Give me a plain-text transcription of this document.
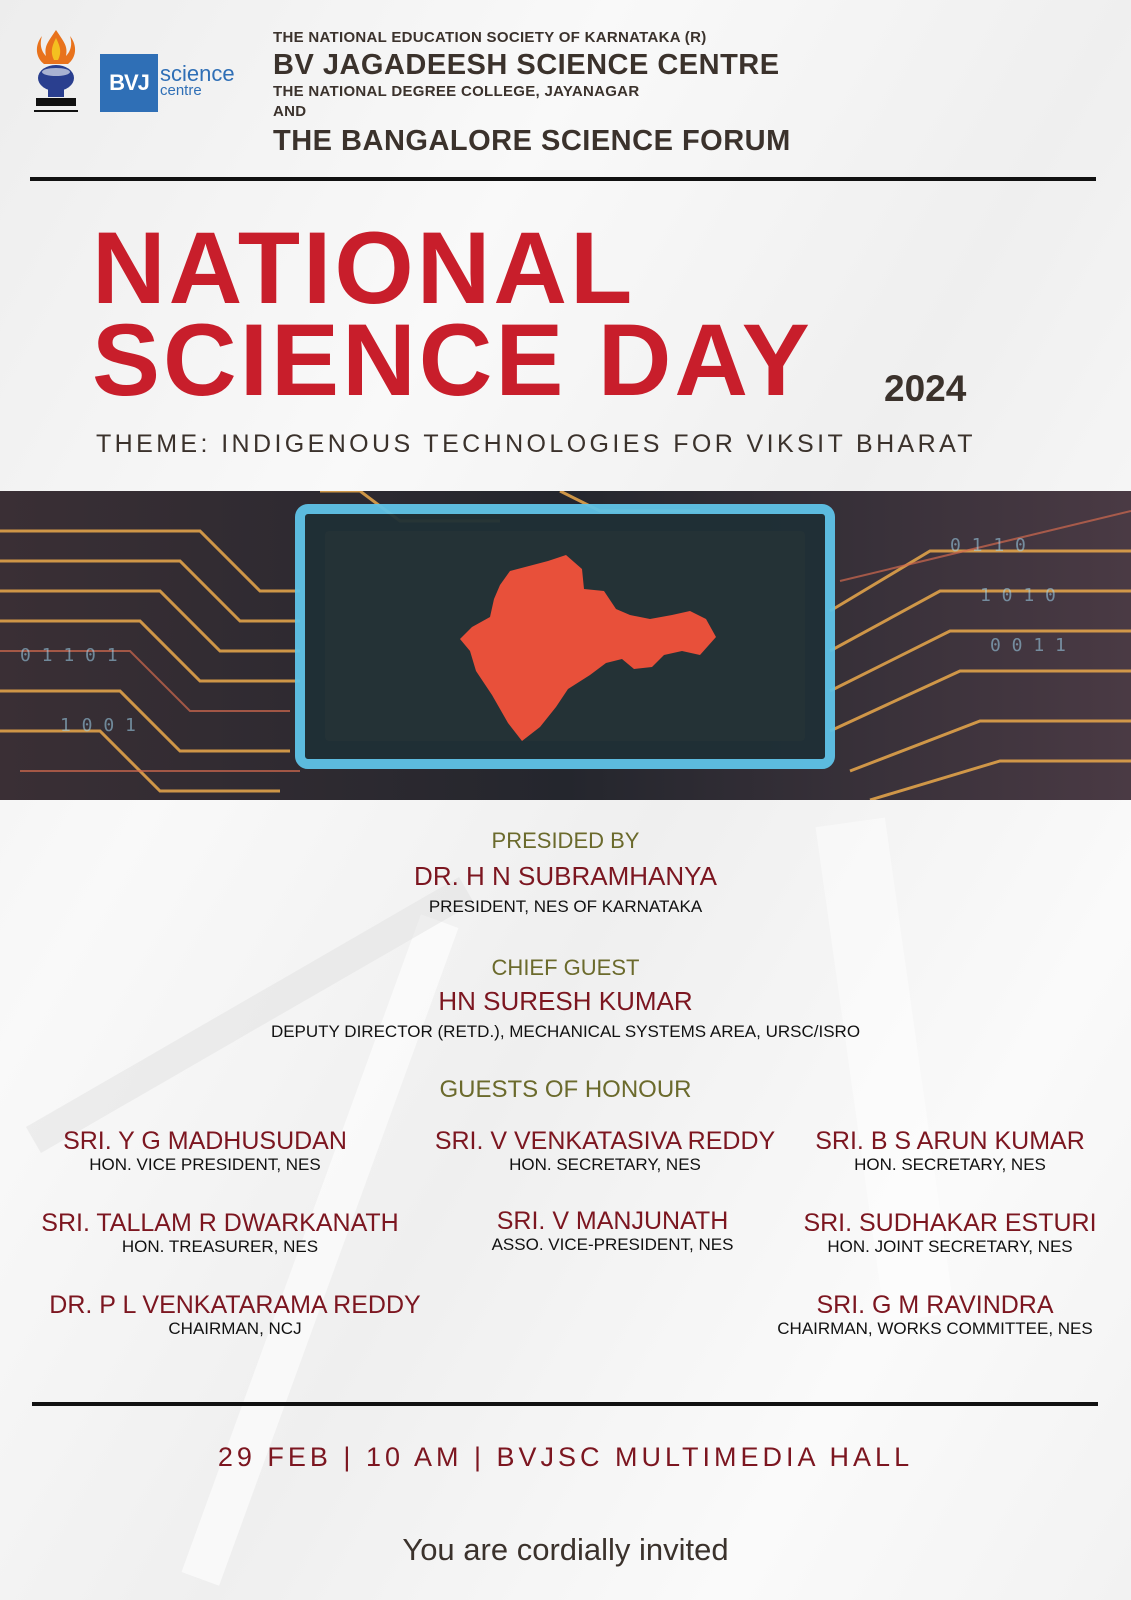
BVJ science
centre
THE NATIONAL EDUCATION SOCIETY OF KARNATAKA (R)
BV JAGADEESH SCIENCE CENTRE
THE NATIONAL DEGREE COLLEGE, JAYANAGAR
AND
THE BANGALORE SCIENCE FORUM
NATIONAL
SCIENCE DAY 2024
THEME: INDIGENOUS TECHNOLOGIES FOR VIKSIT BHARAT
0 1 1 0 1
1 0 0 1
0 1 1 0
1 0 1 0
0 0 1 1
PRESIDED BY
DR. H N SUBRAMHANYA
PRESIDENT, NES OF KARNATAKA
CHIEF GUEST
HN SURESH KUMAR
DEPUTY DIRECTOR (RETD.), MECHANICAL SYSTEMS AREA, URSC/ISRO
GUESTS OF HONOUR
SRI. Y G MADHUSUDAN
HON. VICE PRESIDENT, NES
SRI. V VENKATASIVA REDDY
HON. SECRETARY, NES
SRI. B S ARUN KUMAR
HON. SECRETARY, NES
SRI. TALLAM R DWARKANATH
HON. TREASURER, NES
SRI. V MANJUNATH
ASSO. VICE-PRESIDENT, NES
SRI. SUDHAKAR ESTURI
HON. JOINT SECRETARY, NES
DR. P L VENKATARAMA REDDY
CHAIRMAN, NCJ
SRI. G M RAVINDRA
CHAIRMAN, WORKS COMMITTEE, NES
29 FEB | 10 AM | BVJSC MULTIMEDIA HALL
You are cordially invited
